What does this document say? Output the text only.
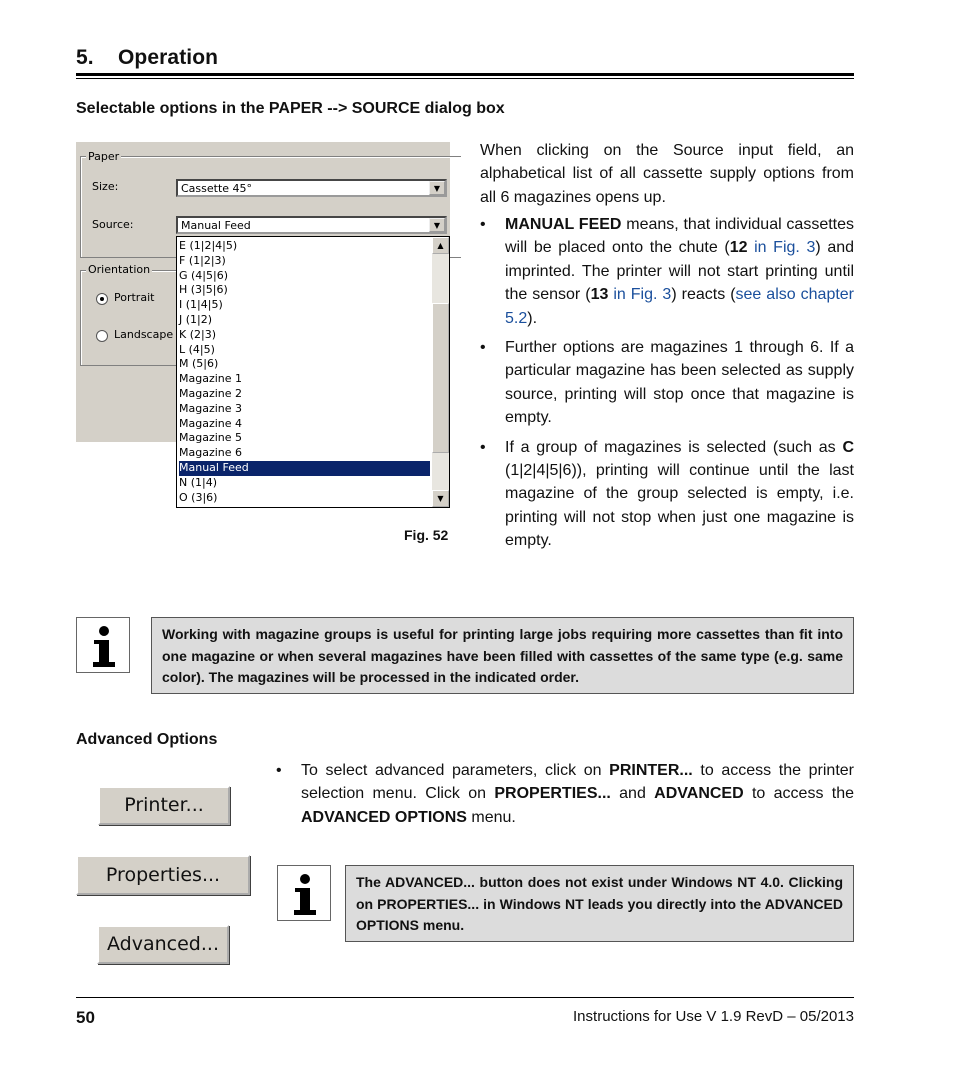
5. Operation
Selectable options in the PAPER --> SOURCE dialog box
Paper
Size:	Cassette 45°	▼
Source:	Manual Feed	▼
Orientation
Portrait
Landscape
E (1|2|4|5)
F (1|2|3)
G (4|5|6)
H (3|5|6)
I (1|4|5)
J (1|2)
K (2|3)
L (4|5)
M (5|6)
Magazine 1
Magazine 2
Magazine 3
Magazine 4
Magazine 5
Magazine 6
Manual Feed
N (1|4)
O (3|6)
▲
▼
Fig. 52
When clicking on the Source input field, an alphabetical list of all cassette supply options from all 6 magazines opens up.
• MANUAL FEED means, that individual cassettes will be placed onto the chute (12 in Fig. 3) and imprinted. The printer will not start printing until the sensor (13 in Fig. 3) reacts (see also chapter 5.2).
• Further options are magazines 1 through 6. If a particular magazine has been selected as supply source, printing will stop once that magazine is empty.
• If a group of magazines is selected (such as C (1|2|4|5|6)), printing will continue until the last magazine of the group selected is empty, i.e. printing will not stop when just one magazine is empty.
Working with magazine groups is useful for printing large jobs requiring more cassettes than fit into one magazine or when several magazines have been filled with cassettes of the same type (e.g. same color). The magazines will be processed in the indicated order.
Advanced Options
Printer...
Properties...
Advanced...
• To select advanced parameters, click on PRINTER... to access the printer selection menu. Click on PROPERTIES... and ADVANCED to access the ADVANCED OPTIONS menu.
The ADVANCED... button does not exist under Windows NT 4.0. Clicking on PROPERTIES... in Windows NT leads you directly into the ADVANCED OPTIONS menu.
50	Instructions for Use V 1.9 RevD – 05/2013
